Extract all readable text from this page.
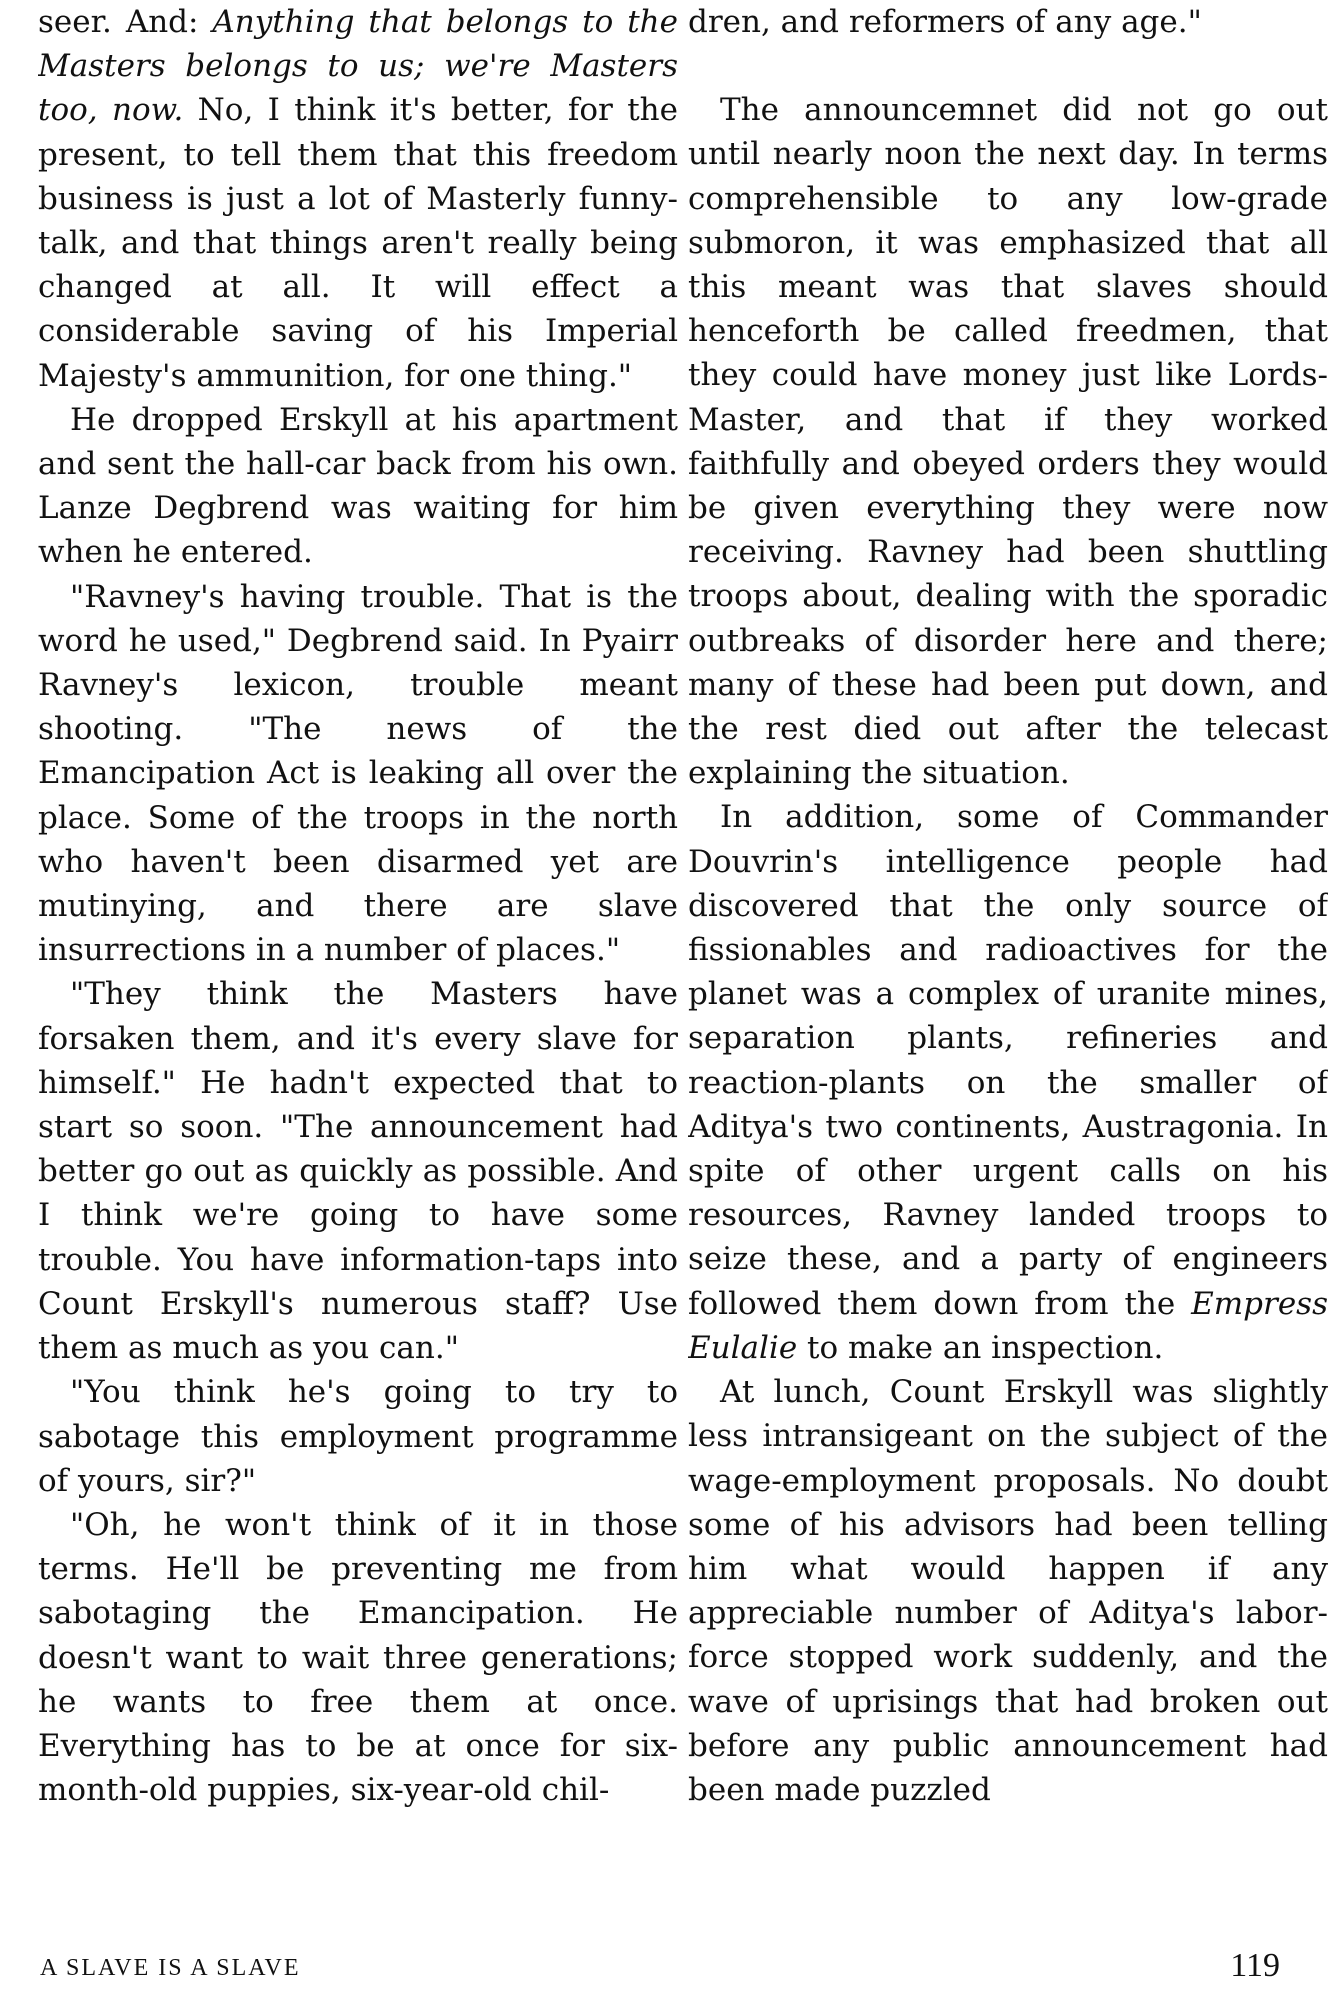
seer. And: Anything that belongs to the Masters belongs to us; we're Masters too, now. No, I think it's better, for the present, to tell them that this freedom business is just a lot of Masterly funny-talk, and that things aren't really being changed at all. It will effect a considerable saving of his Imperial Majesty's ammunition, for one thing."

He dropped Erskyll at his apartment and sent the hall-car back from his own. Lanze Degbrend was waiting for him when he entered.

"Ravney's having trouble. That is the word he used," Degbrend said. In Pyairr Ravney's lexicon, trouble meant shooting. "The news of the Emancipation Act is leaking all over the place. Some of the troops in the north who haven't been disarmed yet are mutinying, and there are slave insurrections in a number of places."

"They think the Masters have forsaken them, and it's every slave for himself." He hadn't expected that to start so soon. "The announcement had better go out as quickly as possible. And I think we're going to have some trouble. You have information-taps into Count Erskyll's numerous staff? Use them as much as you can."

"You think he's going to try to sabotage this employment programme of yours, sir?"

"Oh, he won't think of it in those terms. He'll be preventing me from sabotaging the Emancipation. He doesn't want to wait three generations; he wants to free them at once. Everything has to be at once for six-month-old puppies, six-year-old chil-

dren, and reformers of any age."

The announcemnet did not go out until nearly noon the next day. In terms comprehensible to any low-grade submoron, it was emphasized that all this meant was that slaves should henceforth be called freedmen, that they could have money just like Lords-Master, and that if they worked faithfully and obeyed orders they would be given everything they were now receiving. Ravney had been shuttling troops about, dealing with the sporadic outbreaks of disorder here and there; many of these had been put down, and the rest died out after the telecast explaining the situation.

In addition, some of Commander Douvrin's intelligence people had discovered that the only source of fissionables and radioactives for the planet was a complex of uranite mines, separation plants, refineries and reaction-plants on the smaller of Aditya's two continents, Austragonia. In spite of other urgent calls on his resources, Ravney landed troops to seize these, and a party of engineers followed them down from the Empress Eulalie to make an inspection.

At lunch, Count Erskyll was slightly less intransigeant on the subject of the wage-employment proposals. No doubt some of his advisors had been telling him what would happen if any appreciable number of Aditya's labor-force stopped work suddenly, and the wave of uprisings that had broken out before any public announcement had been made puzzled

A SLAVE IS A SLAVE	119
